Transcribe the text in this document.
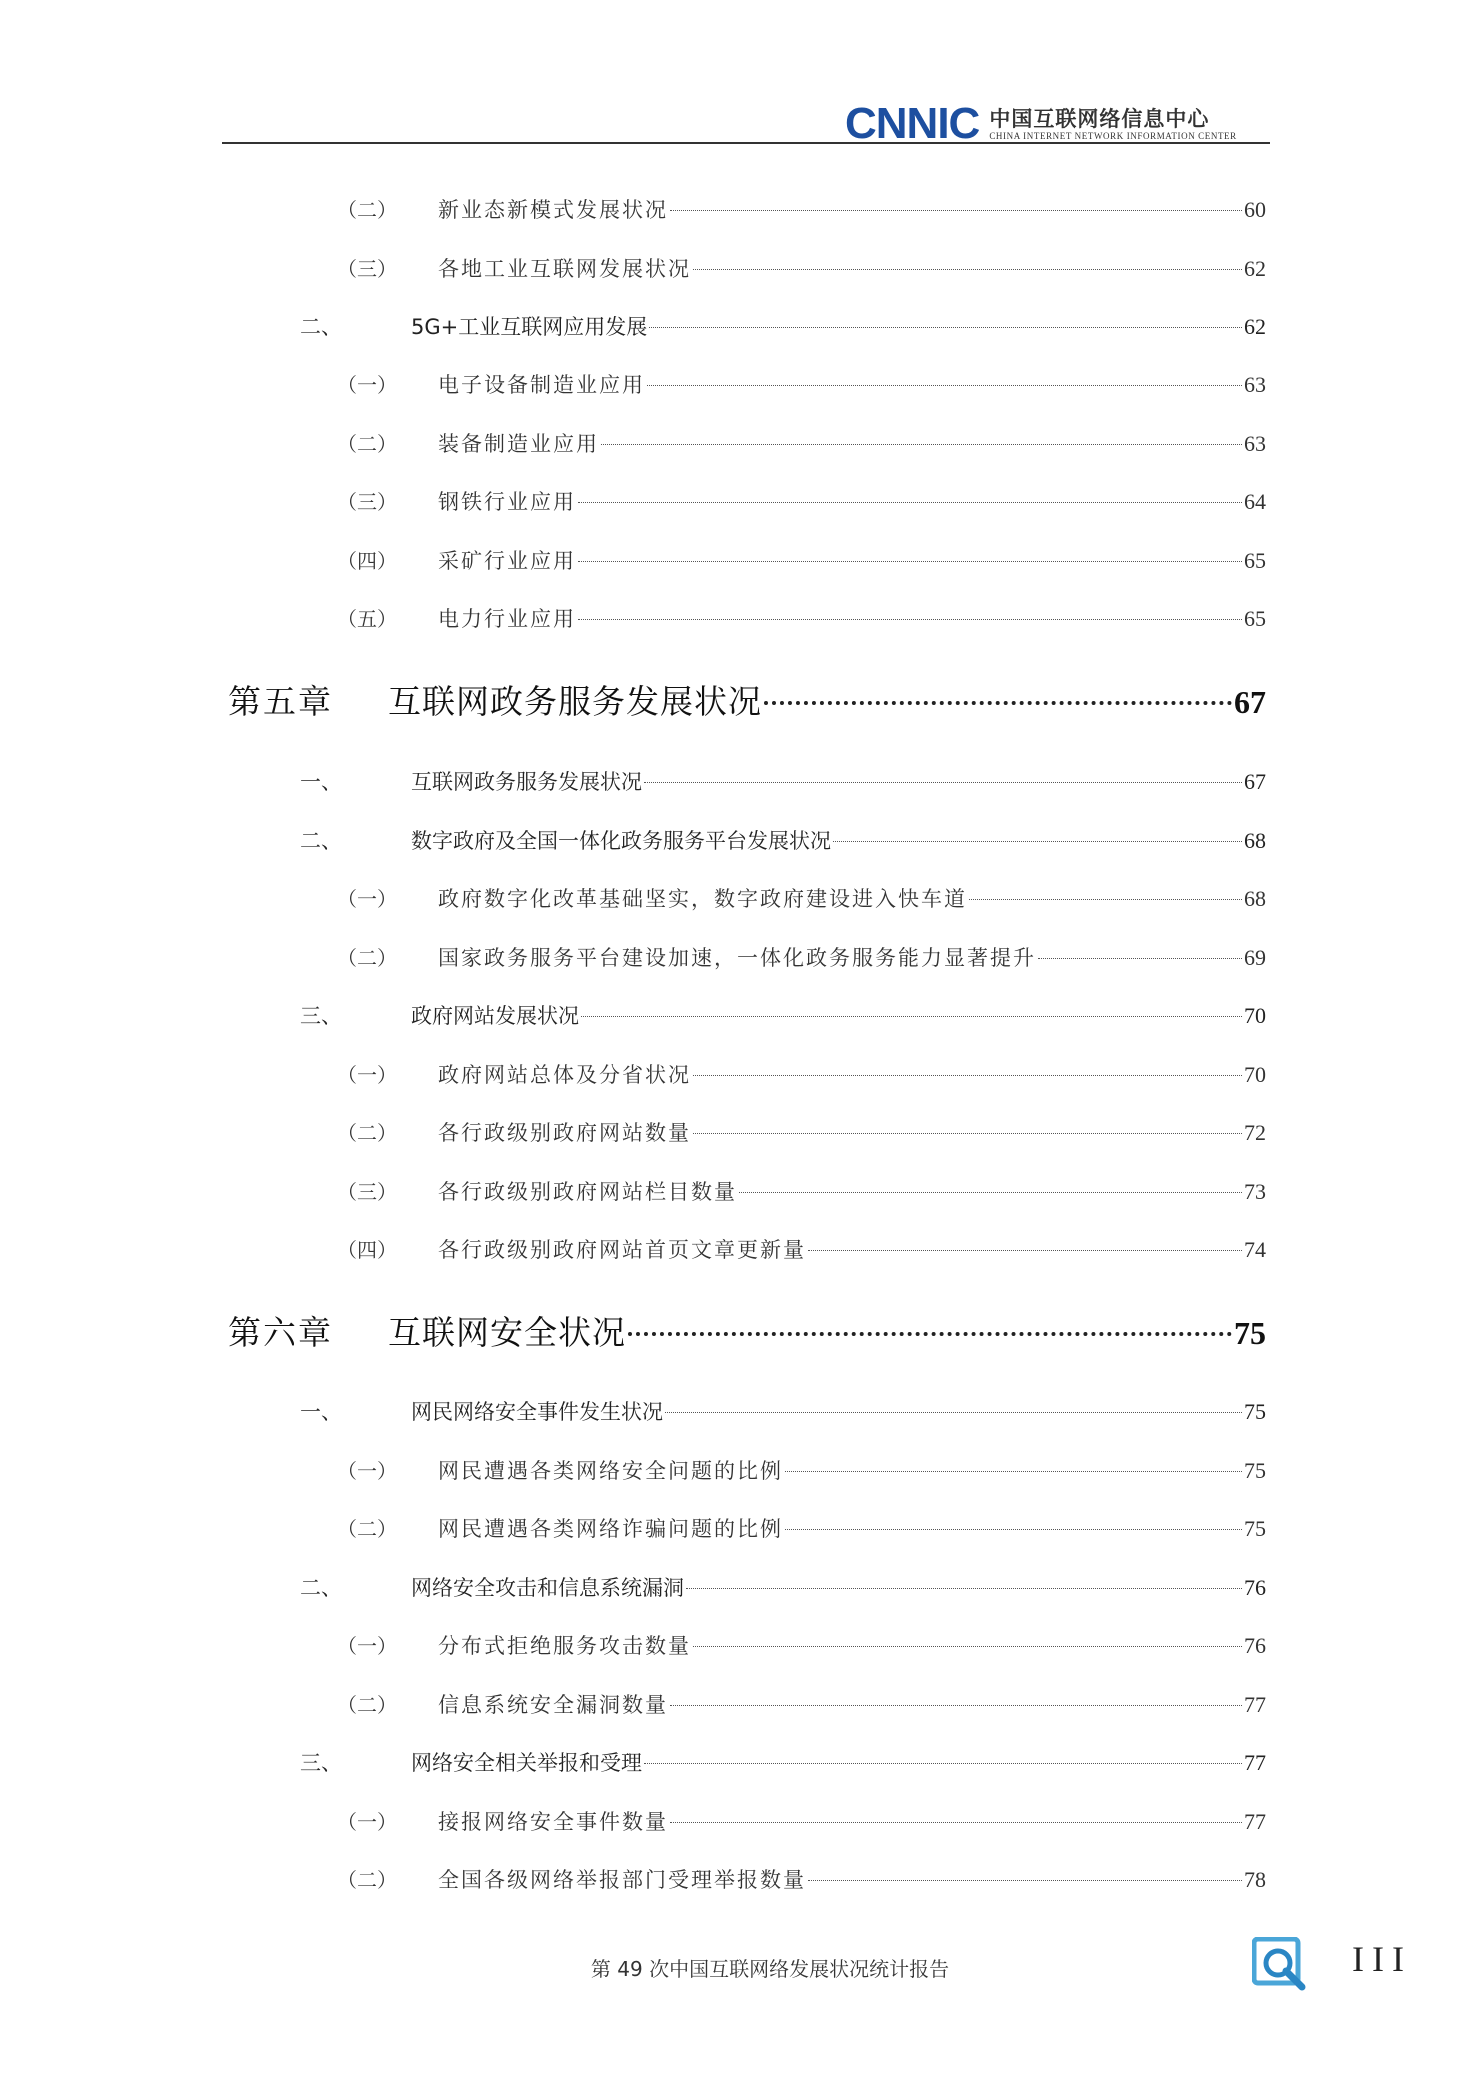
CNNIC 中国互联网络信息中心
CHINA INTERNET NETWORK INFORMATION CENTER
（二）	新业态新模式发展状况	60
（三）	各地工业互联网发展状况	62
二、	5G+工业互联网应用发展	62
（一）	电子设备制造业应用	63
（二）	装备制造业应用	63
（三）	钢铁行业应用	64
（四）	采矿行业应用	65
（五）	电力行业应用	65
第五章	互联网政务服务发展状况	67
一、	互联网政务服务发展状况	67
二、	数字政府及全国一体化政务服务平台发展状况	68
（一）	政府数字化改革基础坚实，数字政府建设进入快车道	68
（二）	国家政务服务平台建设加速，一体化政务服务能力显著提升	69
三、	政府网站发展状况	70
（一）	政府网站总体及分省状况	70
（二）	各行政级别政府网站数量	72
（三）	各行政级别政府网站栏目数量	73
（四）	各行政级别政府网站首页文章更新量	74
第六章	互联网安全状况	75
一、	网民网络安全事件发生状况	75
（一）	网民遭遇各类网络安全问题的比例	75
（二）	网民遭遇各类网络诈骗问题的比例	75
二、	网络安全攻击和信息系统漏洞	76
（一）	分布式拒绝服务攻击数量	76
（二）	信息系统安全漏洞数量	77
三、	网络安全相关举报和受理	77
（一）	接报网络安全事件数量	77
（二）	全国各级网络举报部门受理举报数量	78
第 49 次中国互联网络发展状况统计报告	III
